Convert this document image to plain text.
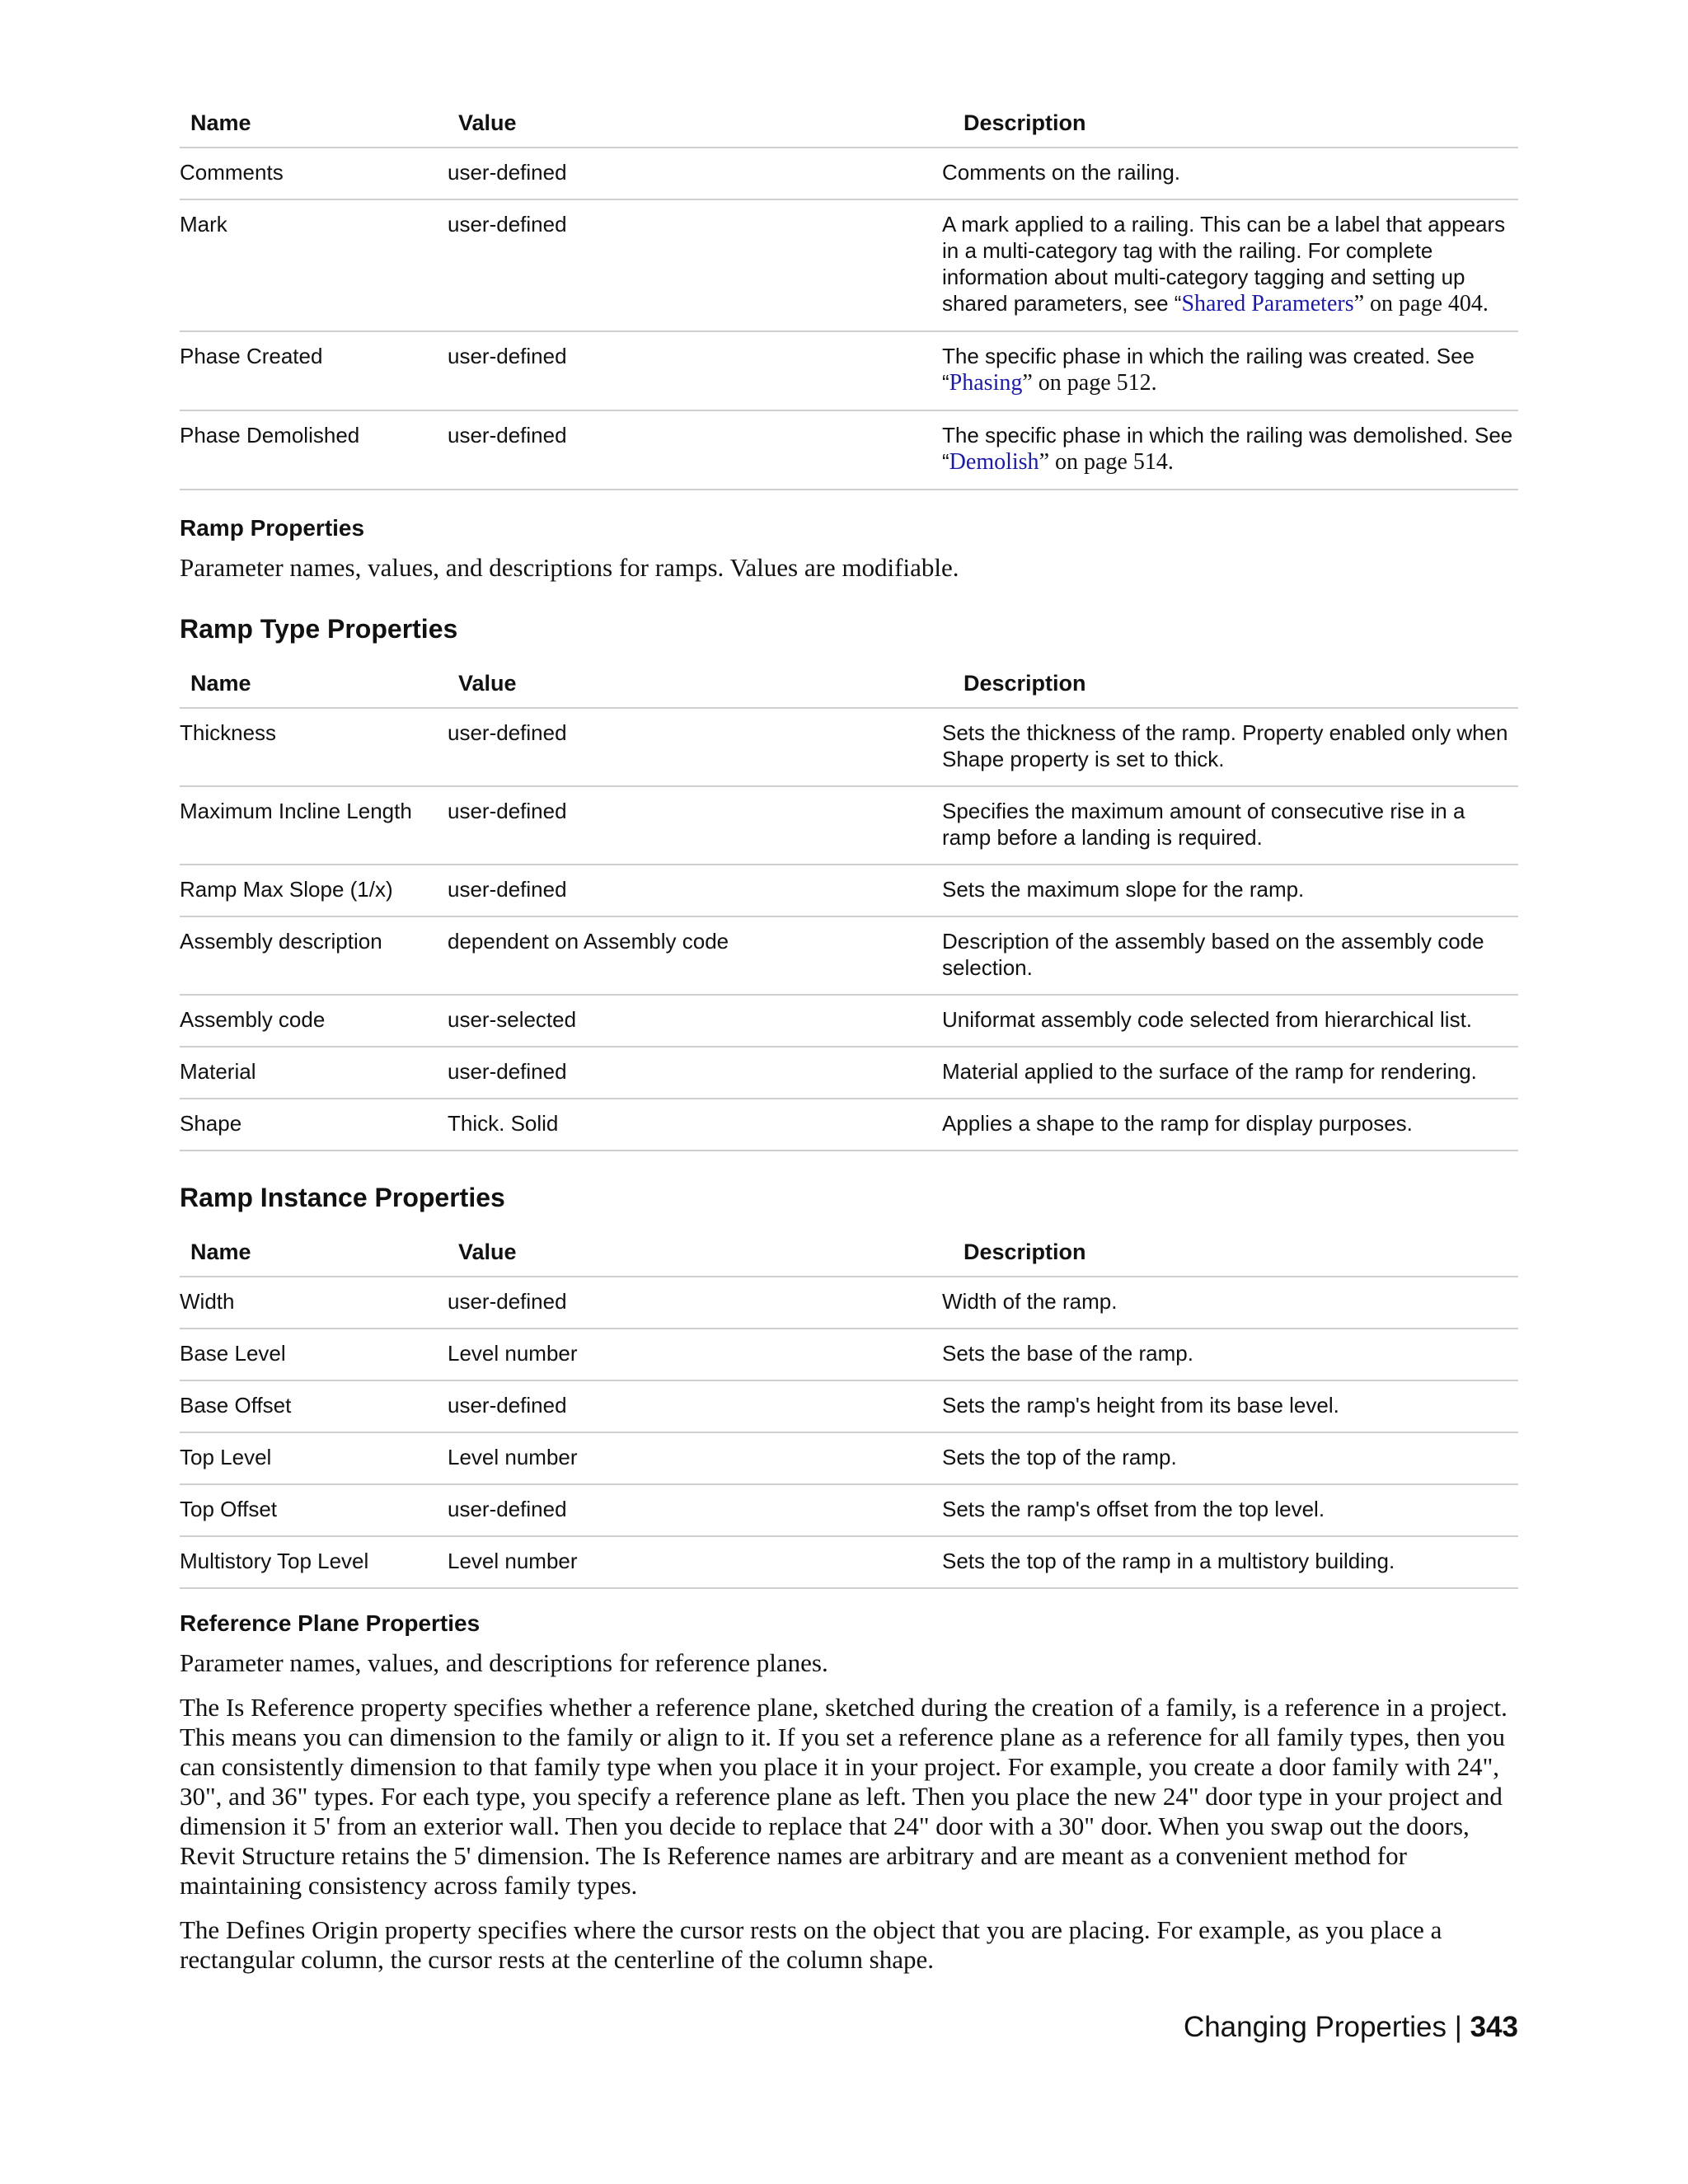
Name	Value	Description
Comments	user-defined	Comments on the railing.
Mark	user-defined	A mark applied to a railing. This can be a label that appears in a multi-category tag with the railing. For complete information about multi-category tagging and setting up shared parameters, see “Shared Parameters” on page 404.
Phase Created	user-defined	The specific phase in which the railing was created. See “Phasing” on page 512.
Phase Demolished	user-defined	The specific phase in which the railing was demolished. See “Demolish” on page 514.
Ramp Properties

Parameter names, values, and descriptions for ramps. Values are modifiable.

Ramp Type Properties
Name	Value	Description
Thickness	user-defined	Sets the thickness of the ramp. Property enabled only when Shape property is set to thick.
Maximum Incline Length	user-defined	Specifies the maximum amount of consecutive rise in a ramp before a landing is required.
Ramp Max Slope (1/x)	user-defined	Sets the maximum slope for the ramp.
Assembly description	dependent on Assembly code	Description of the assembly based on the assembly code selection.
Assembly code	user-selected	Uniformat assembly code selected from hierarchical list.
Material	user-defined	Material applied to the surface of the ramp for rendering.
Shape	Thick. Solid	Applies a shape to the ramp for display purposes.
Ramp Instance Properties
Name	Value	Description
Width	user-defined	Width of the ramp.
Base Level	Level number	Sets the base of the ramp.
Base Offset	user-defined	Sets the ramp's height from its base level.
Top Level	Level number	Sets the top of the ramp.
Top Offset	user-defined	Sets the ramp's offset from the top level.
Multistory Top Level	Level number	Sets the top of the ramp in a multistory building.
Reference Plane Properties

Parameter names, values, and descriptions for reference planes.

The Is Reference property specifies whether a reference plane, sketched during the creation of a family, is a reference in a project. This means you can dimension to the family or align to it. If you set a reference plane as a reference for all family types, then you can consistently dimension to that family type when you place it in your project. For example, you create a door family with 24", 30", and 36" types. For each type, you specify a reference plane as left. Then you place the new 24" door type in your project and dimension it 5' from an exterior wall. Then you decide to replace that 24" door with a 30" door. When you swap out the doors, Revit Structure retains the 5' dimension. The Is Reference names are arbitrary and are meant as a convenient method for maintaining consistency across family types.

The Defines Origin property specifies where the cursor rests on the object that you are placing. For example, as you place a rectangular column, the cursor rests at the centerline of the column shape.

Changing Properties | 343
